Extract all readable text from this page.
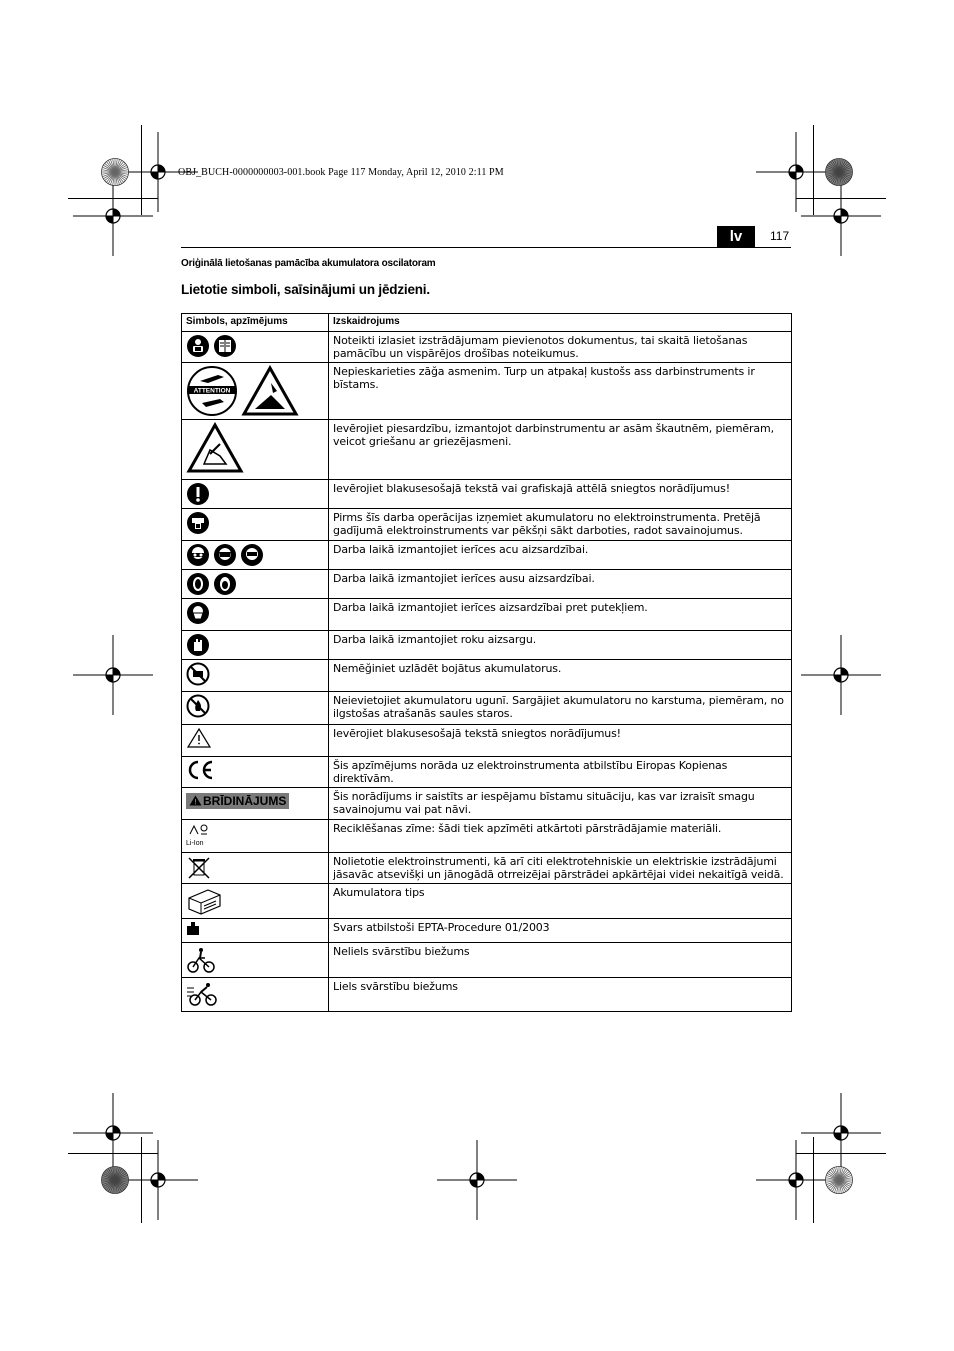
OBJ_BUCH-0000000003-001.book Page 117 Monday, April 12, 2010 2:11 PM
lv	117
Oriģinālā lietošanas pamācība akumulatora oscilatoram
Lietotie simboli, saīsinājumi un jēdzieni.
Simbols, apzīmējums	Izskaidrojums
	Noteikti izlasiet izstrādājumam pievienotos dokumentus, tai skaitā lietošanas pamācību un vispārējos drošības noteikumus.

ATTENTION	Nepieskarieties zāğa asmenim. Turp un atpakaļ kustošs ass darbinstruments ir bīstams.
	Ievērojiet piesardzību, izmantojot darbinstrumentu ar asām škautnēm, piemēram, veicot griešanu ar griezējasmeni.
	Ievērojiet blakusesošajā tekstā vai grafiskajā attēlā sniegtos norādījumus!
	Pirms šīs darba operācijas izņemiet akumulatoru no elektroinstrumenta. Pretējā gadījumā elektroinstruments var pēkšņi sākt darboties, radot savainojumus.
	Darba laikā izmantojiet ierīces acu aizsardzībai.
	Darba laikā izmantojiet ierīces ausu aizsardzībai.
	Darba laikā izmantojiet ierīces aizsardzībai pret putekļiem.
	Darba laikā izmantojiet roku aizsargu.
	Nemēğiniet uzlādēt bojātus akumulatorus.
	Neievietojiet akumulatoru ugunī. Sargājiet akumulatoru no karstuma, piemēram, no ilgstošas atrašanās saules staros.
	Ievērojiet blakusesošajā tekstā sniegtos norādījumus!
	Šis apzīmējums norāda uz elektroinstrumenta atbilstību Eiropas Kopienas direktīvām.
BRĪDINĀJUMS	Šis norādījums ir saistīts ar iespējamu bīstamu situāciju, kas var izraisīt smagu savainojumu vai pat nāvi.

Li-Ion	Reciklēšanas zīme: šādi tiek apzīmēti atkārtoti pārstrādājamie materiāli.
	Nolietotie elektroinstrumenti, kā arī citi elektrotehniskie un elektriskie izstrādājumi jāsavāc atsevišķi un jānogādā otrreizējai pārstrādei apkārtējai videi nekaitīgā veidā.
	Akumulatora tips
	Svars atbilstoši EPTA-Procedure 01/2003
	Neliels svārstību biežums
	Liels svārstību biežums
